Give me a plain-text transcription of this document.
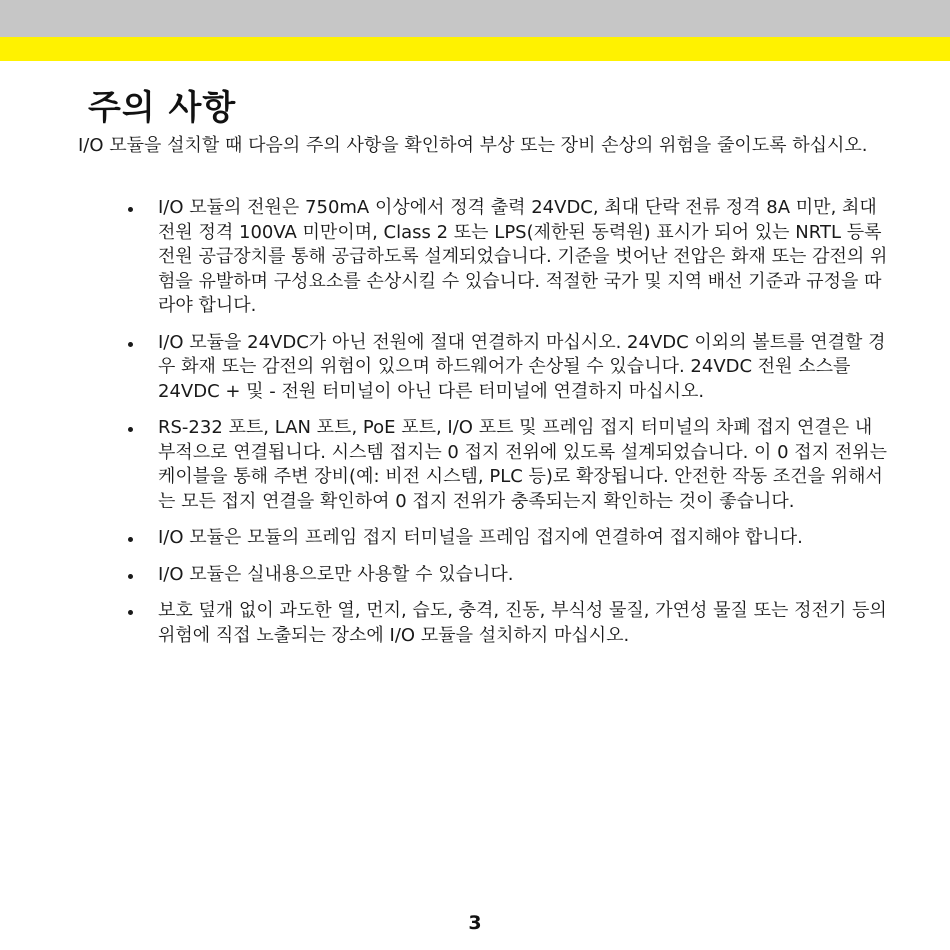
주의 사항

I/O 모듈을 설치할 때 다음의 주의 사항을 확인하여 부상 또는 장비 손상의 위험을 줄이도록 하십시오.

I/O 모듈의 전원은 750mA 이상에서 정격 출력 24VDC, 최대 단락 전류 정격 8A 미만, 최대 전원 정격 100VA 미만이며, Class 2 또는 LPS(제한된 동력원) 표시가 되어 있는 NRTL 등록 전원 공급장치를 통해 공급하도록 설계되었습니다. 기준을 벗어난 전압은 화재 또는 감전의 위험을 유발하며 구성요소를 손상시킬 수 있습니다. 적절한 국가 및 지역 배선 기준과 규정을 따라야 합니다.
I/O 모듈을 24VDC가 아닌 전원에 절대 연결하지 마십시오. 24VDC 이외의 볼트를 연결할 경우 화재 또는 감전의 위험이 있으며 하드웨어가 손상될 수 있습니다. 24VDC 전원 소스를 24VDC + 및 - 전원 터미널이 아닌 다른 터미널에 연결하지 마십시오.
RS-232 포트, LAN 포트, PoE 포트, I/O 포트 및 프레임 접지 터미널의 차폐 접지 연결은 내부적으로 연결됩니다. 시스템 접지는 0 접지 전위에 있도록 설계되었습니다. 이 0 접지 전위는 케이블을 통해 주변 장비(예: 비전 시스템, PLC 등)로 확장됩니다. 안전한 작동 조건을 위해서는 모든 접지 연결을 확인하여 0 접지 전위가 충족되는지 확인하는 것이 좋습니다.
I/O 모듈은 모듈의 프레임 접지 터미널을 프레임 접지에 연결하여 접지해야 합니다.
I/O 모듈은 실내용으로만 사용할 수 있습니다.
보호 덮개 없이 과도한 열, 먼지, 습도, 충격, 진동, 부식성 물질, 가연성 물질 또는 정전기 등의 위험에 직접 노출되는 장소에 I/O 모듈을 설치하지 마십시오.

3
